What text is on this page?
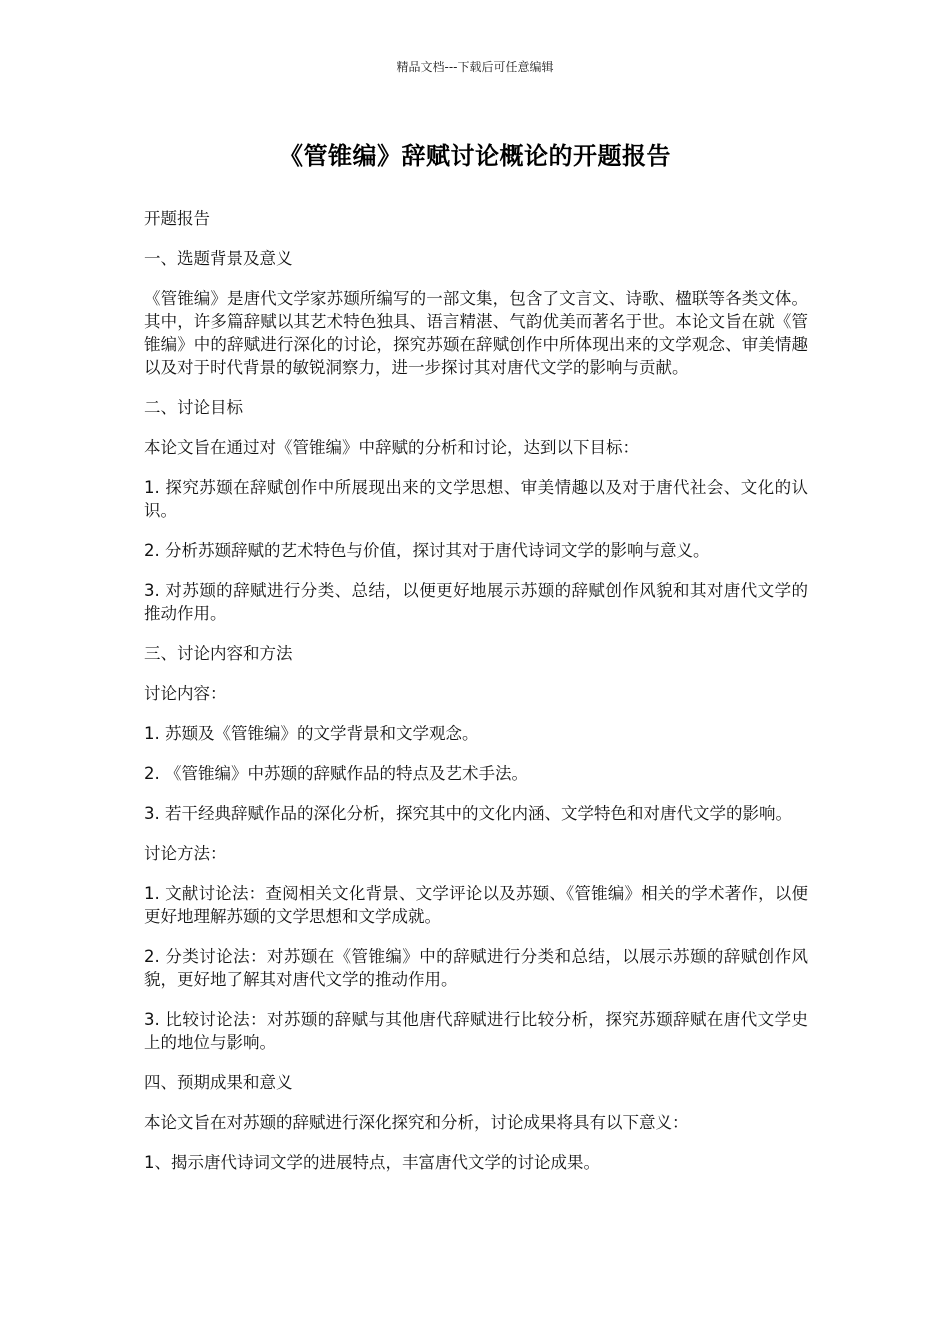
精品文档---下载后可任意编辑
《管锥编》辞赋讨论概论的开题报告

开题报告

一、选题背景及意义

《管锥编》是唐代文学家苏颋所编写的一部文集，包含了文言文、诗歌、楹联等各类文体。其中，许多篇辞赋以其艺术特色独具、语言精湛、气韵优美而著名于世。本论文旨在就《管锥编》中的辞赋进行深化的讨论，探究苏颋在辞赋创作中所体现出来的文学观念、审美情趣以及对于时代背景的敏锐洞察力，进一步探讨其对唐代文学的影响与贡献。

二、讨论目标

本论文旨在通过对《管锥编》中辞赋的分析和讨论，达到以下目标：

1. 探究苏颋在辞赋创作中所展现出来的文学思想、审美情趣以及对于唐代社会、文化的认识。

2. 分析苏颋辞赋的艺术特色与价值，探讨其对于唐代诗词文学的影响与意义。

3. 对苏颋的辞赋进行分类、总结，以便更好地展示苏颋的辞赋创作风貌和其对唐代文学的推动作用。

三、讨论内容和方法

讨论内容：

1. 苏颋及《管锥编》的文学背景和文学观念。

2. 《管锥编》中苏颋的辞赋作品的特点及艺术手法。

3. 若干经典辞赋作品的深化分析，探究其中的文化内涵、文学特色和对唐代文学的影响。

讨论方法：

1. 文献讨论法：查阅相关文化背景、文学评论以及苏颋、《管锥编》相关的学术著作，以便更好地理解苏颋的文学思想和文学成就。

2. 分类讨论法：对苏颋在《管锥编》中的辞赋进行分类和总结，以展示苏颋的辞赋创作风貌，更好地了解其对唐代文学的推动作用。

3. 比较讨论法：对苏颋的辞赋与其他唐代辞赋进行比较分析，探究苏颋辞赋在唐代文学史上的地位与影响。

四、预期成果和意义

本论文旨在对苏颋的辞赋进行深化探究和分析，讨论成果将具有以下意义：

1、揭示唐代诗词文学的进展特点，丰富唐代文学的讨论成果。
